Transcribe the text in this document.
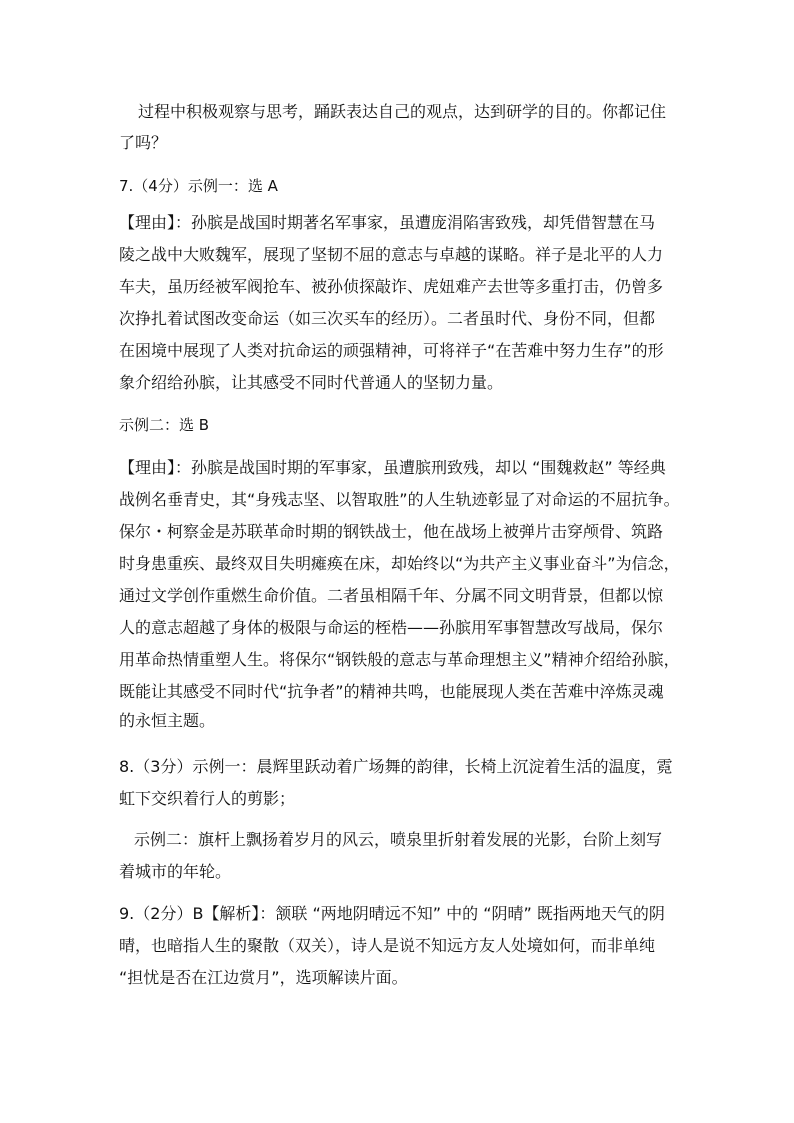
过程中积极观察与思考，踊跃表达自己的观点，达到研学的目的。你都记住
了吗？
7.（4分）示例一：选 A
【理由】：孙膑是战国时期著名军事家，虽遭庞涓陷害致残，却凭借智慧在马
陵之战中大败魏军，展现了坚韧不屈的意志与卓越的谋略。祥子是北平的人力
车夫，虽历经被军阀抢车、被孙侦探敲诈、虎妞难产去世等多重打击，仍曾多
次挣扎着试图改变命运（如三次买车的经历）。二者虽时代、身份不同，但都
在困境中展现了人类对抗命运的顽强精神，可将祥子“在苦难中努力生存”的形
象介绍给孙膑，让其感受不同时代普通人的坚韧力量。
示例二：选 B
【理由】：孙膑是战国时期的军事家，虽遭膑刑致残，却以 “围魏救赵” 等经典
战例名垂青史，其“身残志坚、以智取胜”的人生轨迹彰显了对命运的不屈抗争。
保尔・柯察金是苏联革命时期的钢铁战士，他在战场上被弹片击穿颅骨、筑路
时身患重疾、最终双目失明瘫痪在床，却始终以“为共产主义事业奋斗”为信念，
通过文学创作重燃生命价值。二者虽相隔千年、分属不同文明背景，但都以惊
人的意志超越了身体的极限与命运的桎梏——孙膑用军事智慧改写战局，保尔
用革命热情重塑人生。将保尔“钢铁般的意志与革命理想主义”精神介绍给孙膑，
既能让其感受不同时代“抗争者”的精神共鸣，也能展现人类在苦难中淬炼灵魂
的永恒主题。
8.（3分）示例一：晨辉里跃动着广场舞的韵律，长椅上沉淀着生活的温度，霓
虹下交织着行人的剪影；
示例二：旗杆上飘扬着岁月的风云，喷泉里折射着发展的光影，台阶上刻写
着城市的年轮。
9.（2分）B【解析】：颔联 “两地阴晴远不知” 中的 “阴晴” 既指两地天气的阴
晴，也暗指人生的聚散（双关），诗人是说不知远方友人处境如何，而非单纯
“担忧是否在江边赏月”，选项解读片面。
